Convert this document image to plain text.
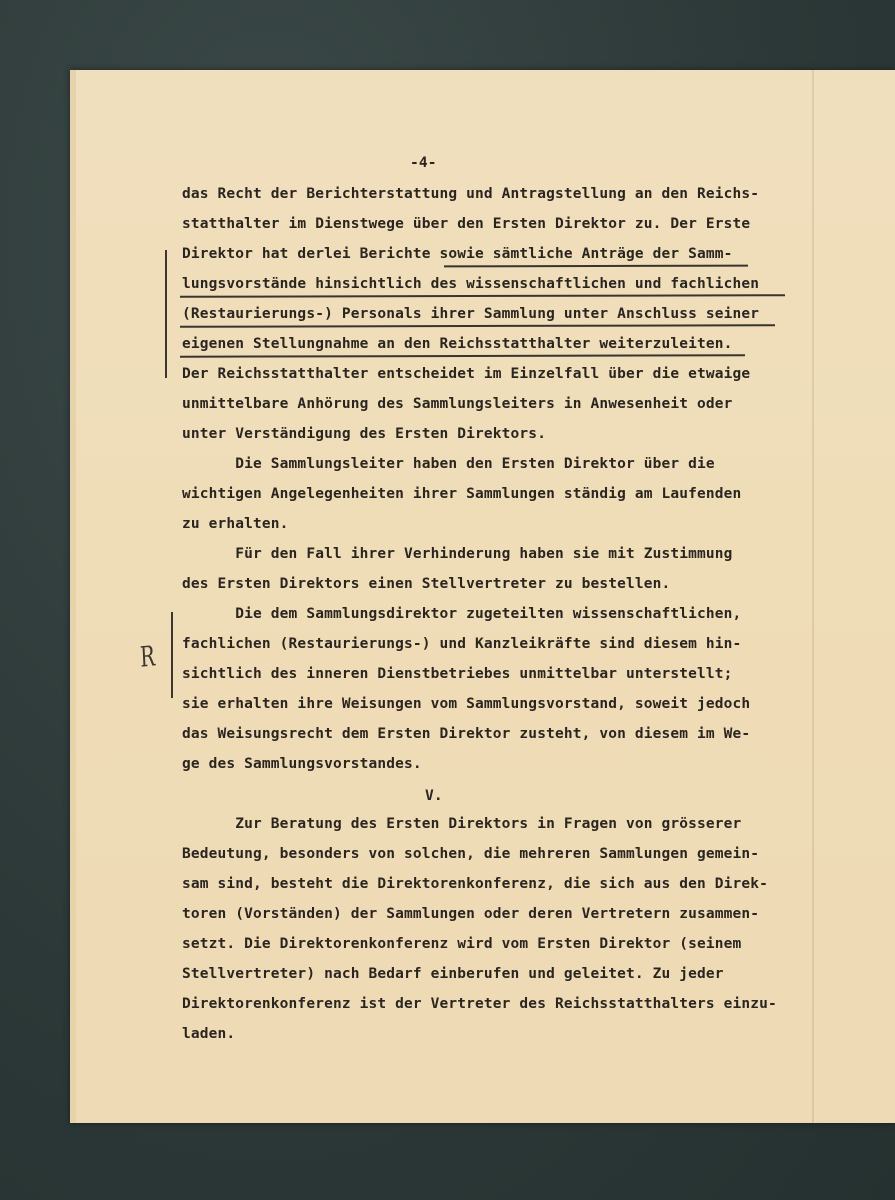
-4-
das Recht der Berichterstattung und Antragstellung an den Reichs-
statthalter im Dienstwege über den Ersten Direktor zu. Der Erste
Direktor hat derlei Berichte sowie sämtliche Anträge der Samm-
lungsvorstände hinsichtlich des wissenschaftlichen und fachlichen
(Restaurierungs-) Personals ihrer Sammlung unter Anschluss seiner
eigenen Stellungnahme an den Reichsstatthalter weiterzuleiten.
Der Reichsstatthalter entscheidet im Einzelfall über die etwaige
unmittelbare Anhörung des Sammlungsleiters in Anwesenheit oder
unter Verständigung des Ersten Direktors.
Die Sammlungsleiter haben den Ersten Direktor über die
wichtigen Angelegenheiten ihrer Sammlungen ständig am Laufenden
zu erhalten.
Für den Fall ihrer Verhinderung haben sie mit Zustimmung
des Ersten Direktors einen Stellvertreter zu bestellen.
Die dem Sammlungsdirektor zugeteilten wissenschaftlichen,
fachlichen (Restaurierungs-) und Kanzleikräfte sind diesem hin-
sichtlich des inneren Dienstbetriebes unmittelbar unterstellt;
sie erhalten ihre Weisungen vom Sammlungsvorstand, soweit jedoch
das Weisungsrecht dem Ersten Direktor zusteht, von diesem im We-
ge des Sammlungsvorstandes.
V.
Zur Beratung des Ersten Direktors in Fragen von grösserer
Bedeutung, besonders von solchen, die mehreren Sammlungen gemein-
sam sind, besteht die Direktorenkonferenz, die sich aus den Direk-
toren (Vorständen) der Sammlungen oder deren Vertretern zusammen-
setzt. Die Direktorenkonferenz wird vom Ersten Direktor (seinem
Stellvertreter) nach Bedarf einberufen und geleitet. Zu jeder
Direktorenkonferenz ist der Vertreter des Reichsstatthalters einzu-
laden.
R
